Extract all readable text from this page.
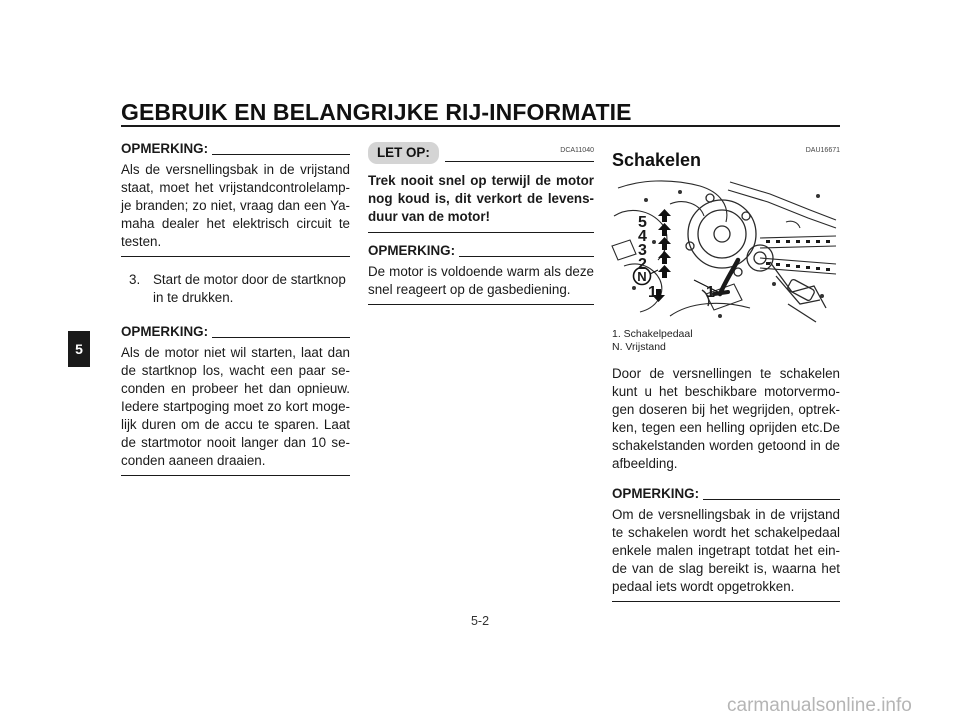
GEBRUIK EN BELANGRIJKE RIJ-INFORMATIE
5
OPMERKING:

Als de versnellingsbak in de vrijstand staat, moet het vrijstandcontrolelamp- je branden; zo niet, vraag dan een Ya- maha dealer het elektrisch circuit te testen.

3. Start de motor door de startknop in te drukken.
OPMERKING:

Als de motor niet wil starten, laat dan de startknop los, wacht een paar se- conden en probeer het dan opnieuw. Iedere startpoging moet zo kort moge- lijk duren om de accu te sparen. Laat de startmotor nooit langer dan 10 se- conden aaneen draaien.

LET OP:	DCA11040

Trek nooit snel op terwijl de motor nog koud is, dit verkort de levens- duur van de motor!

OPMERKING:

De motor is voldoende warm als deze snel reageert op de gasbediening.

DAU16671
Schakelen
5
4
3
2
N
1	1
1. Schakelpedaal
N. Vrijstand

Door de versnellingen te schakelen kunt u het beschikbare motorvermo- gen doseren bij het wegrijden, optrek- ken, tegen een helling oprijden etc.De schakelstanden worden getoond in de afbeelding.

OPMERKING:

Om de versnellingsbak in de vrijstand te schakelen wordt het schakelpedaal enkele malen ingetrapt totdat het ein- de van de slag bereikt is, waarna het pedaal iets wordt opgetrokken.

5-2
carmanualsonline.info
